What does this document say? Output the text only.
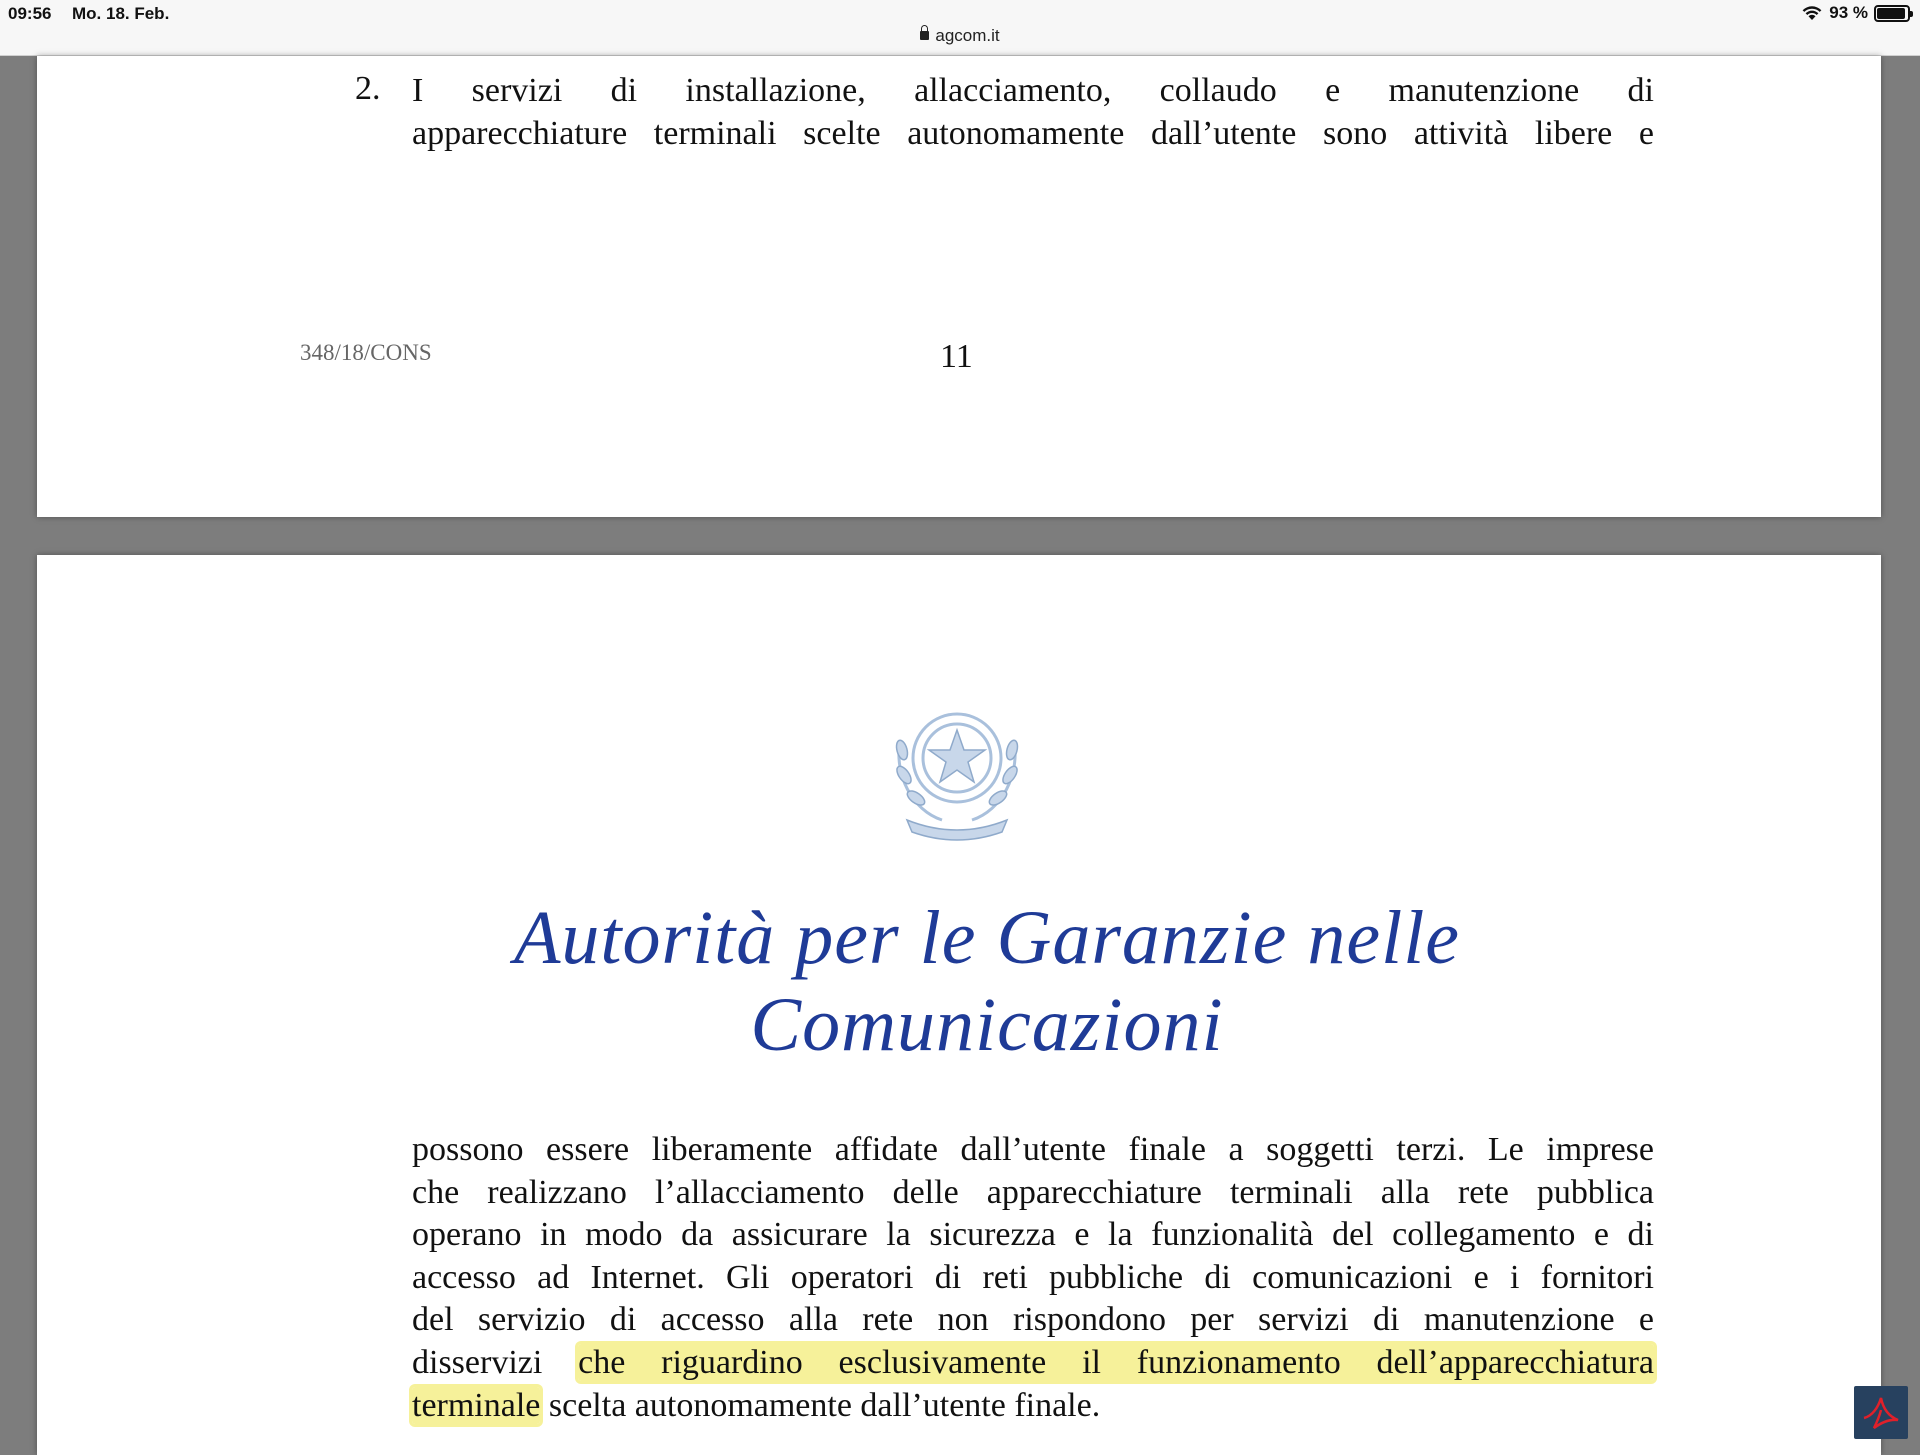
09:56 Mo. 18. Feb.	93 %
agcom.it
2. I servizi di installazione, allacciamento, collaudo e manutenzione di
apparecchiature terminali scelte autonomamente dall’utente sono attività libere e
348/18/CONS	11
Autorità per le Garanzie nelle Comunicazioni
possono essere liberamente affidate dall’utente finale a soggetti terzi. Le imprese
che realizzano l’allacciamento delle apparecchiature terminali alla rete pubblica
operano in modo da assicurare la sicurezza e la funzionalità del collegamento e di
accesso ad Internet. Gli operatori di reti pubbliche di comunicazioni e i fornitori
del servizio di accesso alla rete non rispondono per servizi di manutenzione e
disservizi che riguardino esclusivamente il funzionamento dell’apparecchiatura
terminale scelta autonomamente dall’utente finale.
